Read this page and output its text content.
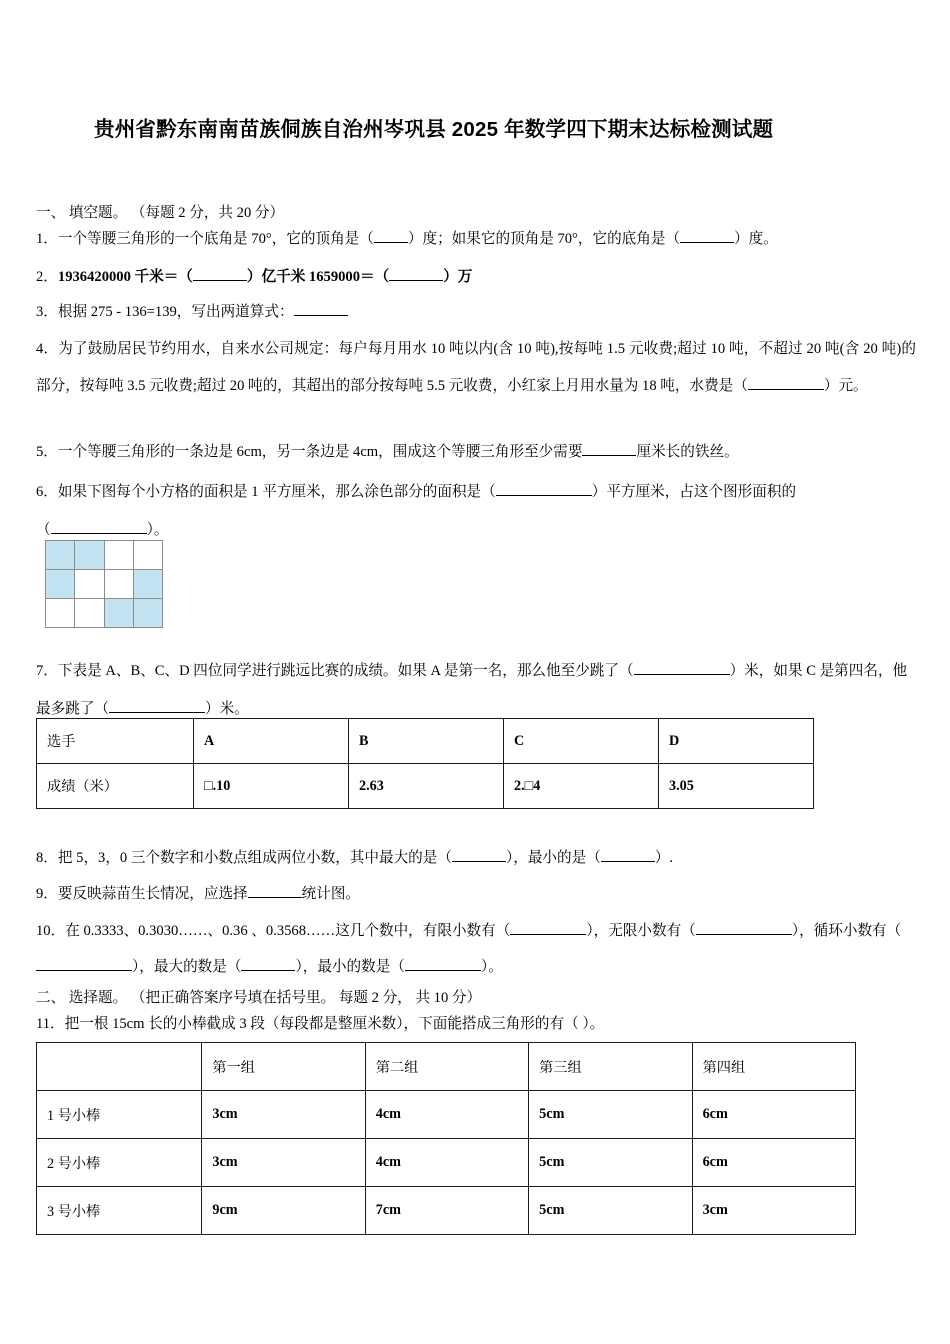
贵州省黔东南南苗族侗族自治州岑巩县 2025 年数学四下期末达标检测试题
一、 填空题。 （每题 2 分，共 20 分）
1．一个等腰三角形的一个底角是 70°，它的顶角是（ ）度；如果它的顶角是 70°，它的底角是（	）度。
2．1936420000 千米＝（	）亿千米 1659000＝（	）万
3．根据 275 - 136=139，写出两道算式：
4．为了鼓励居民节约用水，自来水公司规定：每户每月用水 10 吨以内(含 10 吨),按每吨 1.5 元收费;超过 10 吨，不超过 20 吨(含 20 吨)的部分，按每吨 3.5 元收费;超过 20 吨的，其超出的部分按每吨 5.5 元收费，小红家上月用水量为 18 吨，水费是（	）元。
5．一个等腰三角形的一条边是 6cm，另一条边是 4cm，围成这个等腰三角形至少需要	厘米长的铁丝。
6．如果下图每个小方格的面积是 1 平方厘米，那么涂色部分的面积是（	）平方厘米，占这个图形面积的
（	）。
7．下表是 A、B、C、D 四位同学进行跳远比赛的成绩。如果 A 是第一名，那么他至少跳了（	）米，如果 C 是第四名，他最多跳了（	）米。
选手	A	B	C	D
成绩（米）	□.10	2.63	2.□4	3.05
8．把 5，3，0 三个数字和小数点组成两位小数，其中最大的是（	），最小的是（	）.
9．要反映蒜苗生长情况，应选择	统计图。
10．在 0.3333、0.3030……、0.36 、0.3568……这几个数中，有限小数有（	），无限小数有（	），循环小数有（），最大的数是（	），最小的数是（	）。
二、 选择题。 （把正确答案序号填在括号里。 每题 2 分， 共 10 分）
11．把一根 15cm 长的小棒截成 3 段（每段都是整厘米数），下面能搭成三角形的有（ ）。
	第一组	第二组	第三组	第四组
1 号小棒	3cm	4cm	5cm	6cm
2 号小棒	3cm	4cm	5cm	6cm
3 号小棒	9cm	7cm	5cm	3cm
